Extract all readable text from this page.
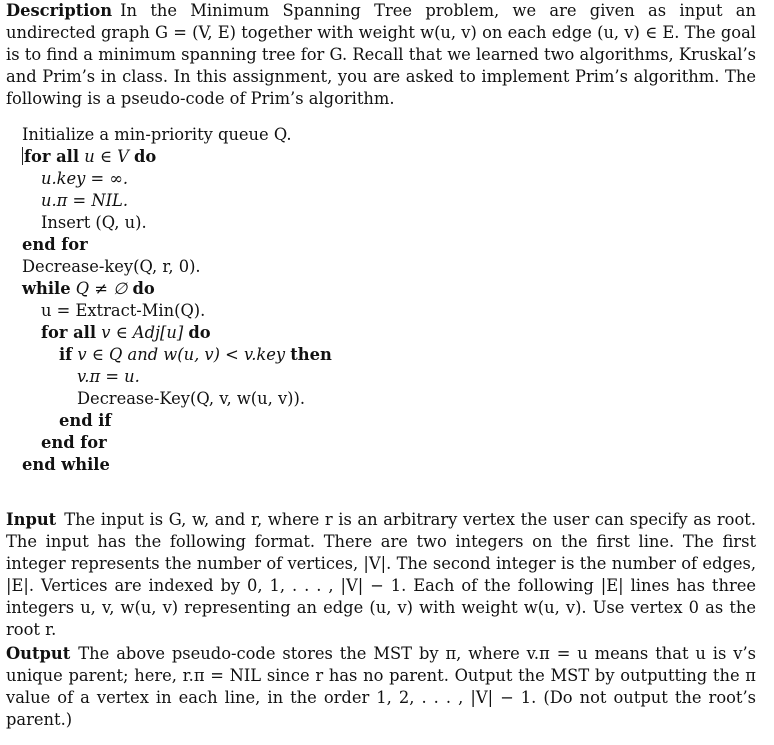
Description In the Minimum Spanning Tree problem, we are given as input an undirected graph G = (V, E) together with weight w(u, v) on each edge (u, v) ∈ E. The goal is to find a minimum spanning tree for G. Recall that we learned two algorithms, Kruskal’s and Prim’s in class. In this assignment, you are asked to implement Prim’s algorithm. The following is a pseudo-code of Prim’s algorithm.
Initialize a min-priority queue Q.
for all u ∈ V do
u.key = ∞.
u.π = NIL.
Insert (Q, u).
end for
Decrease-key(Q, r, 0).
while Q ≠ ∅ do
u = Extract-Min(Q).
for all v ∈ Adj[u] do
if v ∈ Q and w(u, v) < v.key then
v.π = u.
Decrease-Key(Q, v, w(u, v)).
end if
end for
end while
Input The input is G, w, and r, where r is an arbitrary vertex the user can specify as root. The input has the following format. There are two integers on the first line. The first integer represents the number of vertices, |V|. The second integer is the number of edges, |E|. Vertices are indexed by 0, 1, . . . , |V| − 1. Each of the following |E| lines has three integers u, v, w(u, v) representing an edge (u, v) with weight w(u, v). Use vertex 0 as the root r.
Output The above pseudo-code stores the MST by π, where v.π = u means that u is v’s unique parent; here, r.π = NIL since r has no parent. Output the MST by outputting the π value of a vertex in each line, in the order 1, 2, . . . , |V| − 1. (Do not output the root’s parent.)
